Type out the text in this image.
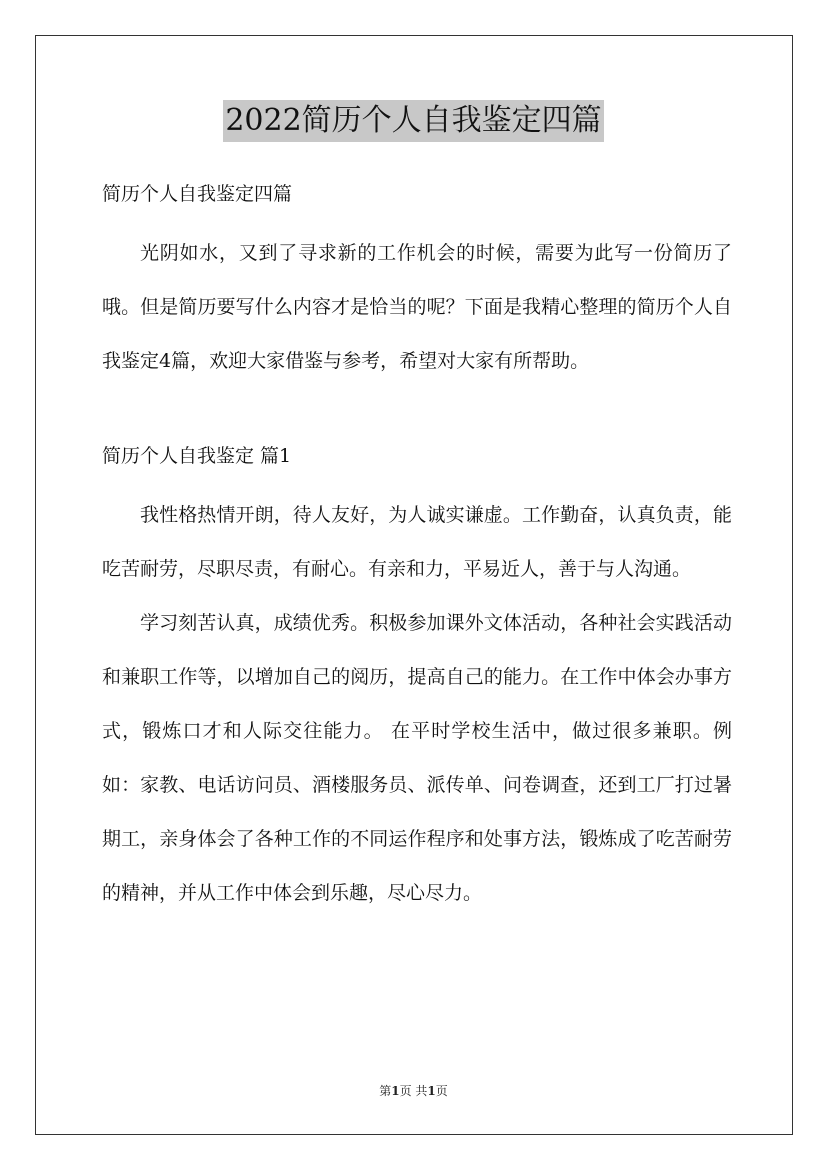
2022简历个人自我鉴定四篇

简历个人自我鉴定四篇

光阴如水，又到了寻求新的工作机会的时候，需要为此写一份简历了哦。但是简历要写什么内容才是恰当的呢？下面是我精心整理的简历个人自我鉴定4篇，欢迎大家借鉴与参考，希望对大家有所帮助。

简历个人自我鉴定 篇1

我性格热情开朗，待人友好，为人诚实谦虚。工作勤奋，认真负责，能吃苦耐劳，尽职尽责，有耐心。有亲和力，平易近人，善于与人沟通。

学习刻苦认真，成绩优秀。积极参加课外文体活动，各种社会实践活动和兼职工作等，以增加自己的阅历，提高自己的能力。在工作中体会办事方式，锻炼口才和人际交往能力。 在平时学校生活中，做过很多兼职。例如：家教、电话访问员、酒楼服务员、派传单、问卷调查，还到工厂打过暑期工，亲身体会了各种工作的不同运作程序和处事方法，锻炼成了吃苦耐劳的精神，并从工作中体会到乐趣，尽心尽力。

第1页 共1页
